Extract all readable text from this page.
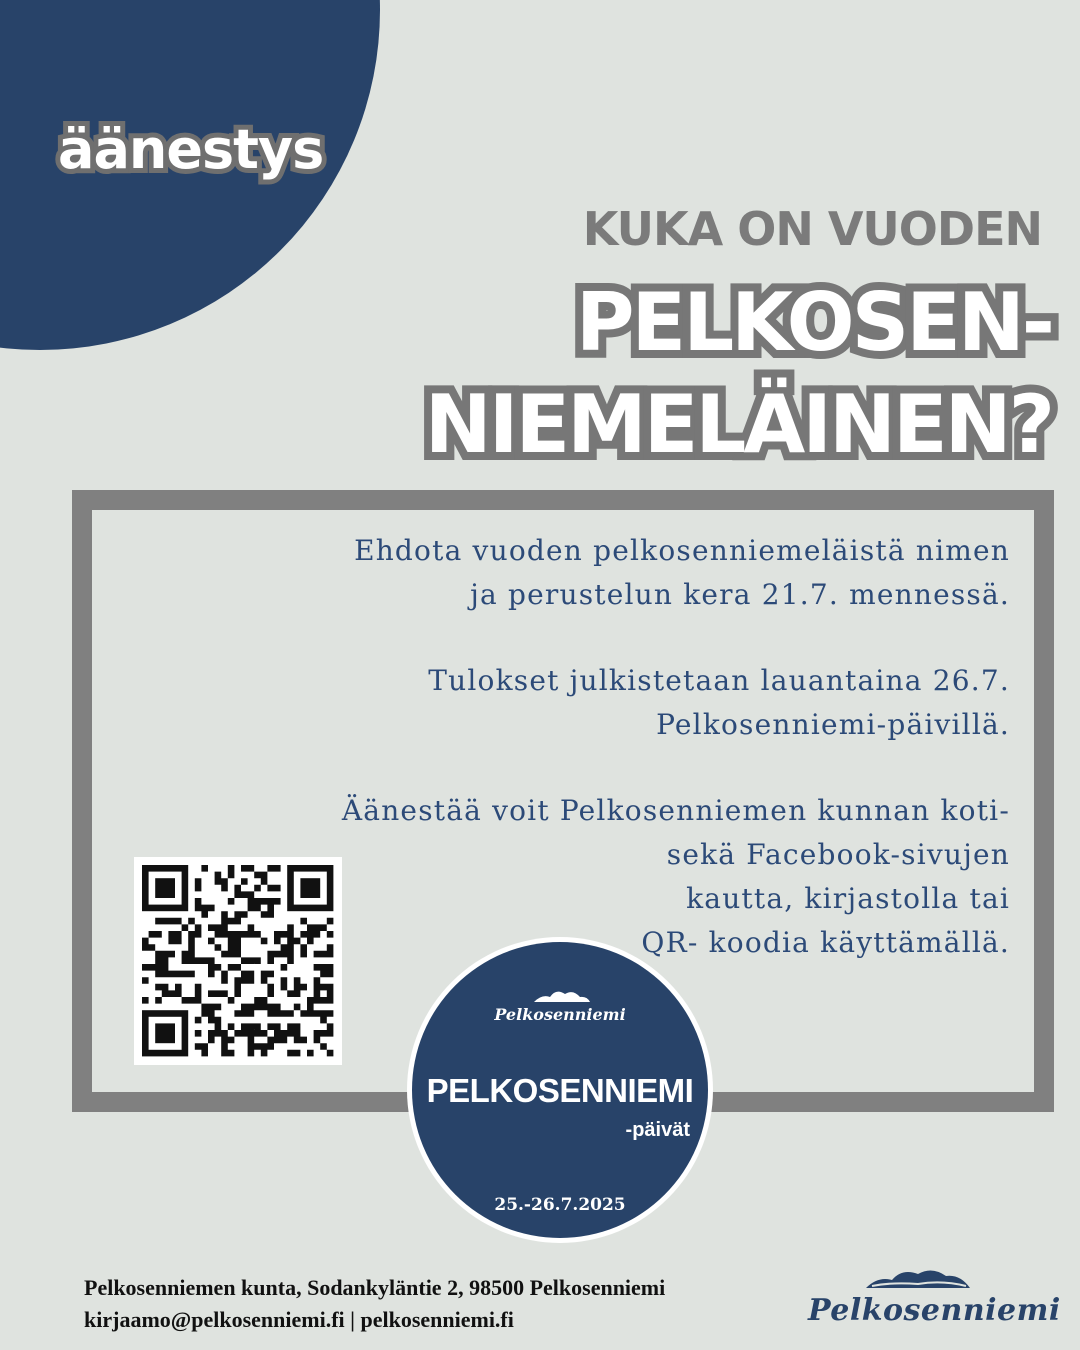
äänestys
KUKA ON VUODEN
PELKOSEN-
NIEMELÄINEN?
Ehdota vuoden pelkosenniemeläistä nimen
ja perustelun kera 21.7. mennessä.
Tulokset julkistetaan lauantaina 26.7.
Pelkosenniemi-päivillä.
Äänestää voit Pelkosenniemen kunnan koti-
sekä Facebook-sivujen
kautta, kirjastolla tai
QR- koodia käyttämällä.
Pelkosenniemi
PELKOSENNIEMI
-päivät
25.-26.7.2025
Pelkosenniemen kunta, Sodankyläntie 2, 98500 Pelkosenniemi
kirjaamo@pelkosenniemi.fi | pelkosenniemi.fi	Pelkosenniemi
